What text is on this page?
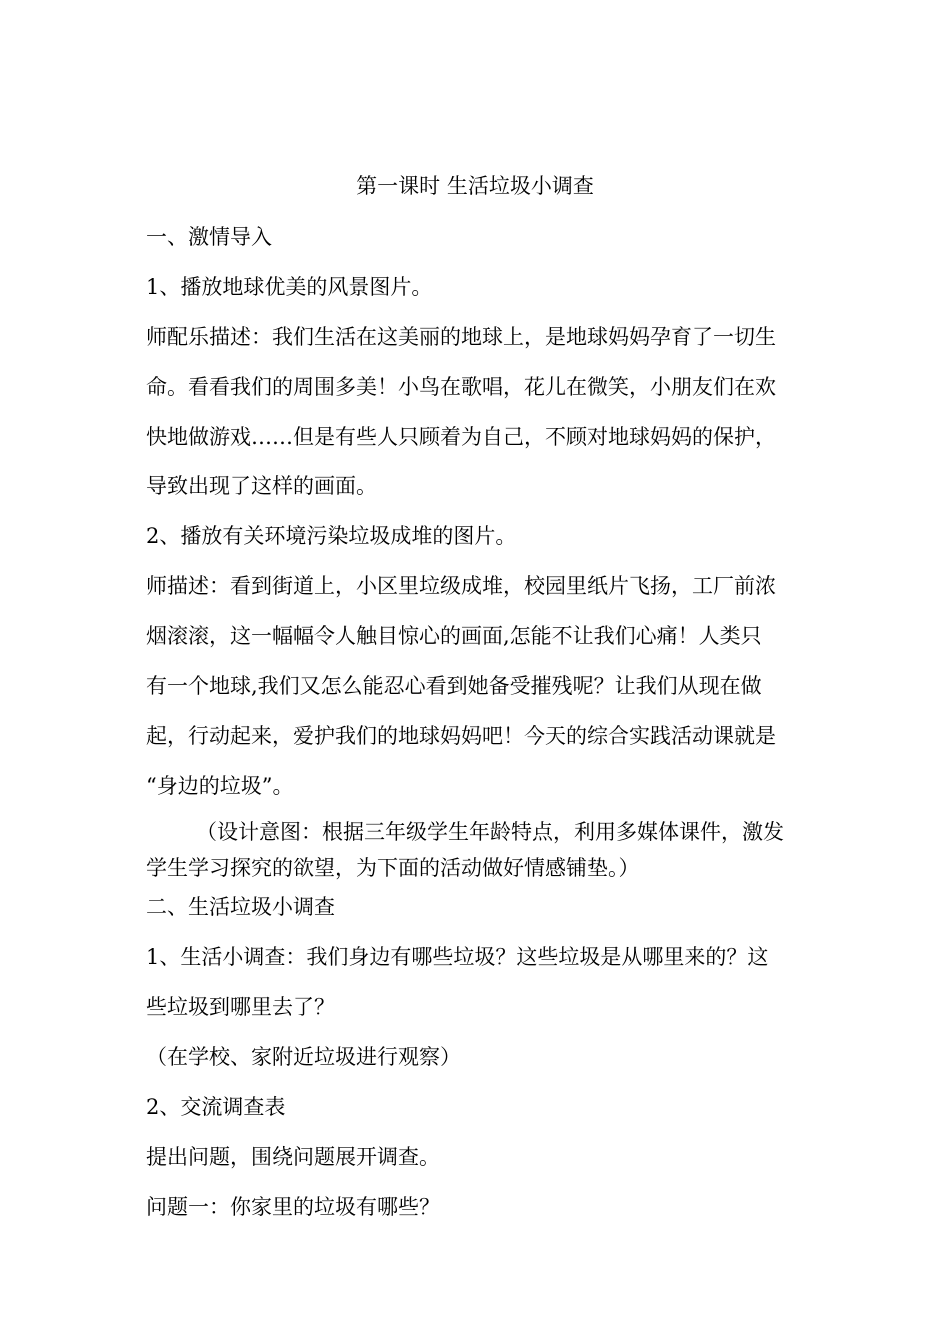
第一课时 生活垃圾小调查
一、激情导入
1、播放地球优美的风景图片。
师配乐描述：我们生活在这美丽的地球上，是地球妈妈孕育了一切生
命。看看我们的周围多美！小鸟在歌唱，花儿在微笑，小朋友们在欢
快地做游戏……但是有些人只顾着为自己，不顾对地球妈妈的保护，
导致出现了这样的画面。
2、播放有关环境污染垃圾成堆的图片。
师描述：看到街道上，小区里垃级成堆，校园里纸片飞扬，工厂前浓
烟滚滚，这一幅幅令人触目惊心的画面,怎能不让我们心痛！人类只
有一个地球,我们又怎么能忍心看到她备受摧残呢？让我们从现在做
起，行动起来，爱护我们的地球妈妈吧！今天的综合实践活动课就是
“身边的垃圾”。
（设计意图：根据三年级学生年龄特点，利用多媒体课件，激发
学生学习探究的欲望，为下面的活动做好情感铺垫。）
二、生活垃圾小调查
1、生活小调查：我们身边有哪些垃圾？这些垃圾是从哪里来的？这
些垃圾到哪里去了？
（在学校、家附近垃圾进行观察）
2、交流调查表
提出问题，围绕问题展开调查。
问题一：你家里的垃圾有哪些？
